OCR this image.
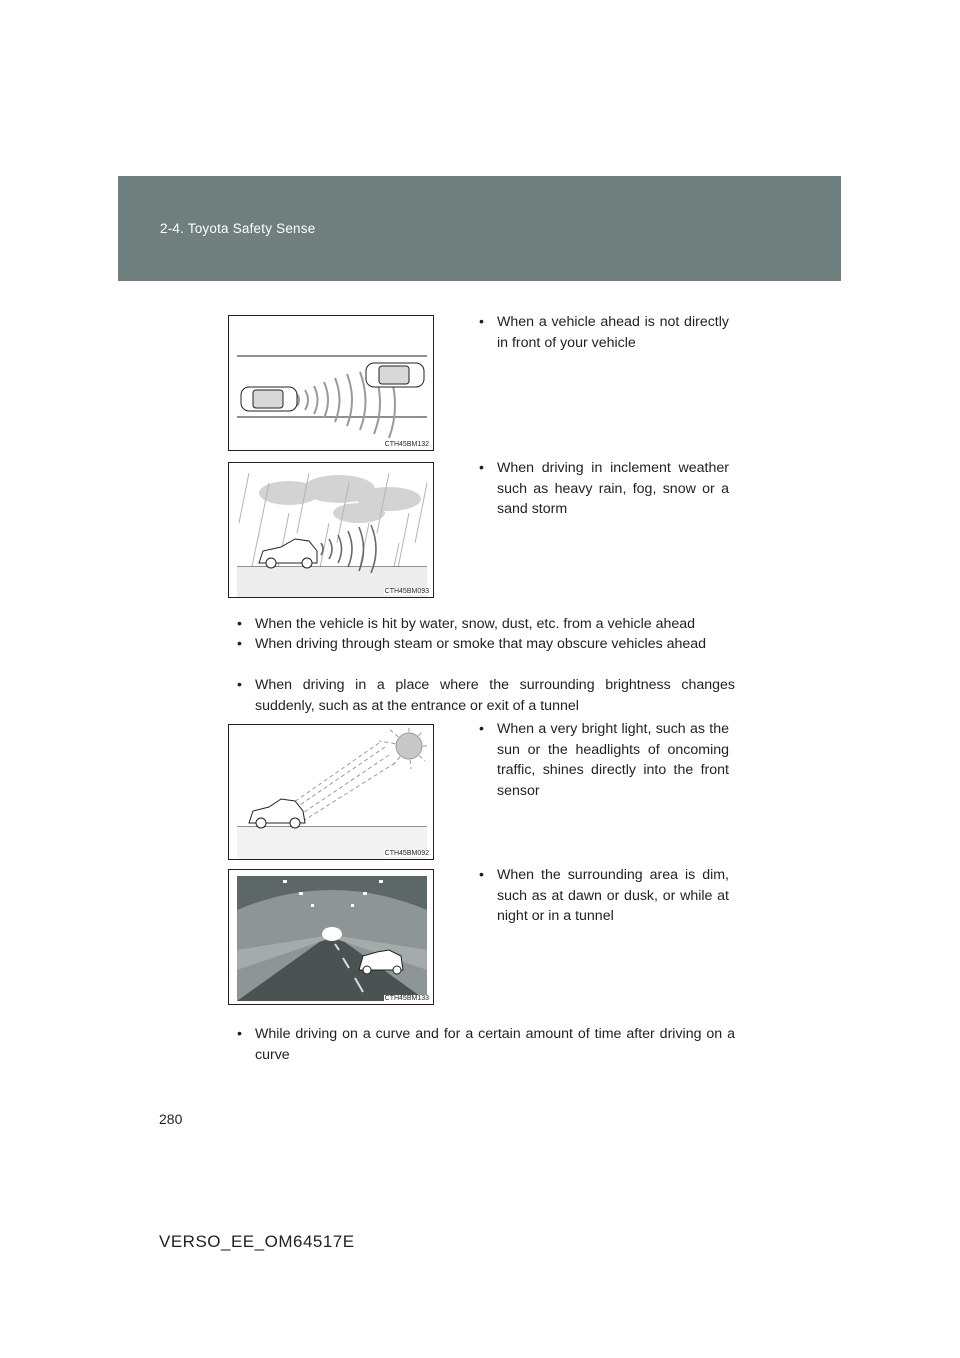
2-4. Toyota Safety Sense
CTH45BM132
• When a vehicle ahead is not directly in front of your vehicle
CTH45BM093
• When driving in inclement weather such as heavy rain, fog, snow or a sand storm
• When the vehicle is hit by water, snow, dust, etc. from a vehicle ahead
• When driving through steam or smoke that may obscure vehicles ahead
• When driving in a place where the surrounding brightness changes suddenly, such as at the entrance or exit of a tunnel
CTH45BM092
• When a very bright light, such as the sun or the headlights of oncoming traffic, shines directly into the front sensor
CTH45BM133
• When the surrounding area is dim, such as at dawn or dusk, or while at night or in a tunnel
• While driving on a curve and for a certain amount of time after driving on a curve
280
VERSO_EE_OM64517E
